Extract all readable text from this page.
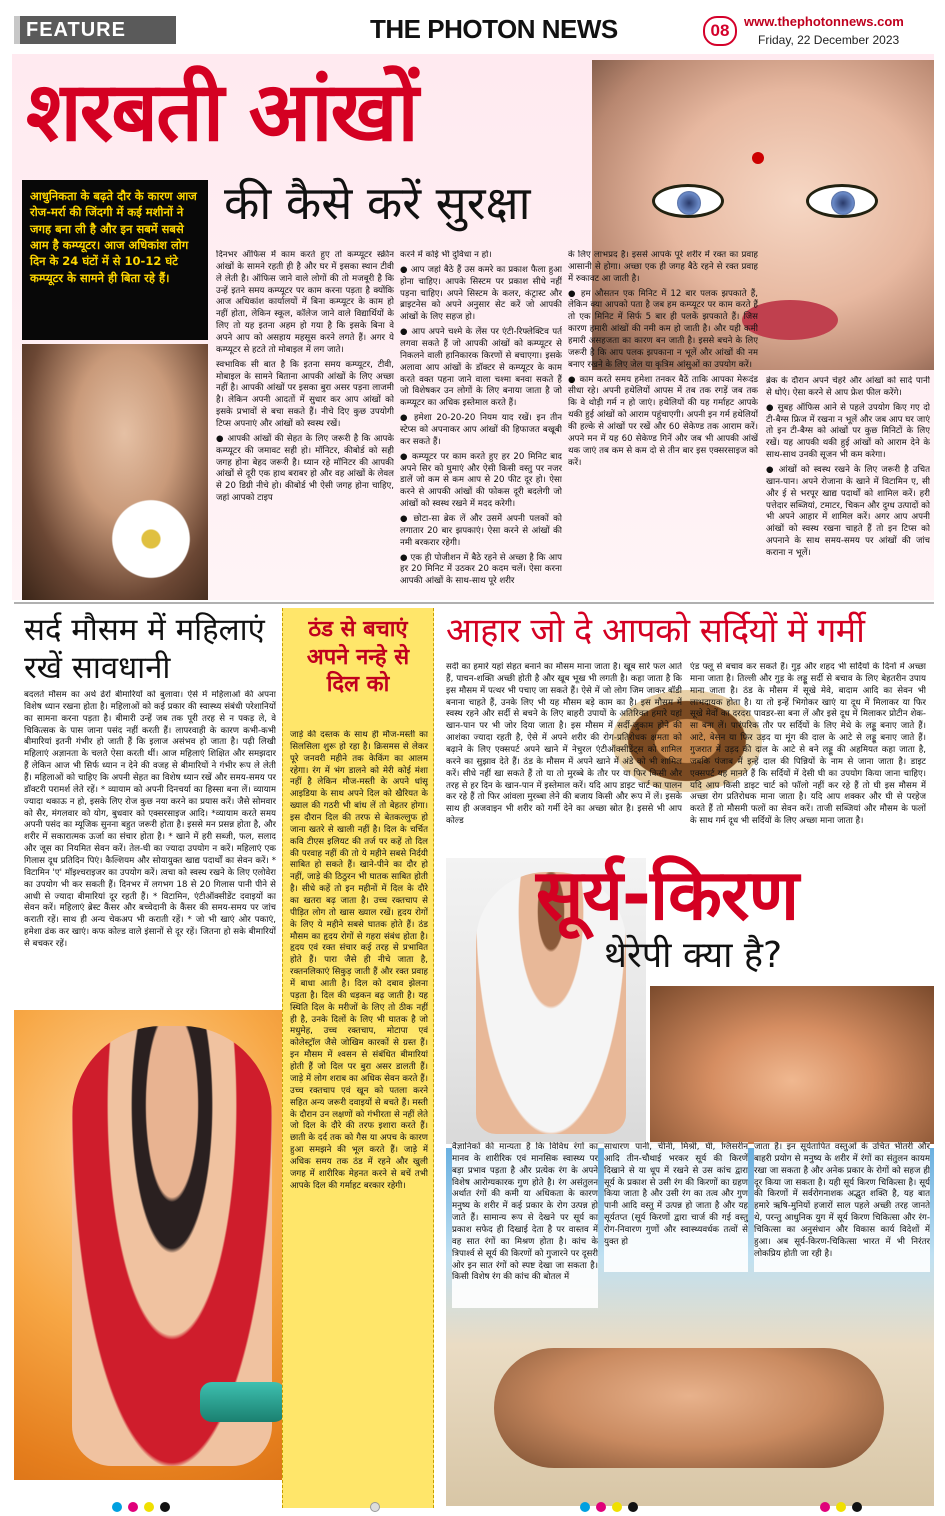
FEATURE	THE PHOTON NEWS	08	www.thephotonnews.com
Friday, 22 December 2023
शरबती आंखों
की कैसे करें सुरक्षा
आधुनिकता के बढ़ते दौर के कारण आज रोज-मर्रा की जिंदगी में कई मशीनों ने जगह बना ली है और इन सबमें सबसे आम है कम्प्यूटर। आज अधिकांश लोग दिन के 24 घंटों में से 10-12 घंटे कम्प्यूटर के सामने ही बिता रहे हैं।

दिनभर ऑफिस में काम करते हुए तो कम्प्यूटर स्क्रीन आंखों के सामने रहती ही है और घर में इसका स्थान टीवी ले लेती है। ऑफिस जाने वाले लोगों की तो मजबूरी है कि उन्हें इतने समय कम्प्यूटर पर काम करना पड़ता है क्योंकि आज अधिकांश कार्यालयों में बिना कम्प्यूटर के काम हो नहीं होता, लेकिन स्कूल, कॉलेज जाने वाले विद्यार्थियों के लिए तो यह इतना अहम हो गया है कि इसके बिना वे अपने आप को असहाय महसूस करने लगते हैं। अगर ये कम्प्यूटर से हटते तो मोबाइल में लग जाते।

स्वभाविक सी बात है कि इतना समय कम्प्यूटर, टीवी, मोबाइल के सामने बिताना आपकी आंखों के लिए अच्छा नहीं है। आपकी आंखों पर इसका बुरा असर पड़ना लाजमी है। लेकिन अपनी आदतों में सुधार कर आप आंखों को इसके प्रभावों से बचा सकते हैं। नीचे दिए कुछ उपयोगी टिप्स अपनाएं और आंखों को स्वस्थ रखें।

● आपकी आंखों की सेहत के लिए जरूरी है कि आपके कम्प्यूटर की जमावट सही हो। मॉनिटर, कीबोर्ड को सही जगह होना बेहद जरूरी है। ध्यान रहे मॉनिटर की आपकी आंखों से दूरी एक हाथ बराबर हो और वह आंखों के लेवल से 20 डिग्री नीचे हो। कीबोर्ड भी ऐसी जगह होना चाहिए, जहां आपको टाइप

करने में कोई भी दुविधा न हो।

● आप जहां बैठे हैं उस कमरे का प्रकाश फैला हुआ होना चाहिए। आपके सिस्टम पर प्रकाश सीधे नहीं पड़ना चाहिए। अपने सिस्टम के कलर, कंट्रास्ट और ब्राइटनेस को अपने अनुसार सेट करें जो आपकी आंखों के लिए सहज हो।

● आप अपने चश्मे के लेंस पर एंटी-रिफ्लेक्टिव पर्त लगवा सकते हैं जो आपकी आंखों को कम्प्यूटर से निकलने वाली हानिकारक किरणों से बचाएगा। इसके अलावा आप आंखों के डॉक्टर से कम्प्यूटर के काम करते वक्त पहना जाने वाला चश्मा बनवा सकते हैं जो विशेषकर उन लोगों के लिए बनाया जाता है जो कम्प्यूटर का अधिक इस्तेमाल करते हैं।

● हमेशा 20-20-20 नियम याद रखें। इन तीन स्टेप्स को अपनाकर आप आंखों की हिफाजत बखूबी कर सकते हैं।

● कम्प्यूटर पर काम करते हुए हर 20 मिनिट बाद अपने सिर को घुमाएं और ऐसी किसी वस्तु पर नजर डालें जो कम से कम आप से 20 फीट दूर हो। ऐसा करने से आपकी आंखों की फोकस दूरी बदलेगी जो आंखों को स्वस्थ रखने में मदद करेगी।

● छोटा-सा ब्रेक लें और उसमें अपनी पलकों को लगातार 20 बार झपकाएं। ऐसा करने से आंखों की नमी बरकरार रहेगी।

● एक ही पोजीशन में बैठे रहने से अच्छा है कि आप हर 20 मिनिट में उठकर 20 कदम चलें। ऐसा करना आपकी आंखों के साथ-साथ पूरे शरीर

के लिए लाभप्रद है। इससे आपके पूरे शरीर में रक्त का प्रवाह आसानी से होगा। अच्छा एक ही जगह बैठे रहने से रक्त प्रवाह में रुकावट आ जाती है।

● हम औसतन एक मिनिट में 12 बार पलक झपकाते हैं, लेकिन क्या आपको पता है जब हम कम्प्यूटर पर काम करते हैं तो एक मिनिट में सिर्फ 5 बार ही पलकें झपकाते हैं। जिस कारण हमारी आंखों की नमी कम हो जाती है। और यही कमी हमारी असहजता का कारण बन जाती है। इससे बचने के लिए जरूरी है कि आप पलक झपकाना न भूलें और आंखों की नम बनाए रखने के लिए जेल या कृत्रिम आंसुओं का उपयोग करें।

● काम करते समय हमेशा तनकर बैठें ताकि आपका मेरूदंड सीधा रहे। अपनी हथेलियों आपस में तब तक रगड़ें जब तक कि वे थोड़ी गर्म न हो जाएं। हथेलियों की यह गर्माहट आपके थकी हुई आंखों को आराम पहुंचाएगी। अपनी इन गर्म हथेलियों की हल्के से आंखों पर रखें और 60 सेकेण्ड तक आराम करें। अपने मन में यह 60 सेकेण्ड गिनें और जब भी आपकी आंखें थक जाएं तब कम से कम दो से तीन बार इस एक्सरसाइज को करें।

ब्रेक के दौरान अपने चेहरे और आंखों को सादे पानी से धोएं। ऐसा करने से आप फ्रेश फील करेंगे।

● सुबह ऑफिस आने से पहले उपयोग किए गए दो टी-बैग्स फ्रिज में रखना न भूलें और जब आप घर जाएं तो इन टी-बैग्स को आंखों पर कुछ मिनिटों के लिए रखें। यह आपकी थकी हुई आंखों को आराम देने के साथ-साथ उनकी सूजन भी कम करेगा।

● आंखों को स्वस्थ रखने के लिए जरूरी है उचित खान-पान। अपने रोजाना के खाने में विटामिन ए, सी और ई से भरपूर खाद्य पदार्थों को शामिल करें। हरी पत्तेदार सब्जियां, टमाटर, चिकन और दुग्ध उत्पादों को भी अपने आहार में शामिल करें। अगर आप अपनी आंखों को स्वस्थ रखना चाहते हैं तो इन टिप्स को अपनाने के साथ समय-समय पर आंखों की जांच कराना न भूलें।

सर्द मौसम में महिलाएं रखें सावधानी
बदलते मौसम का अर्थ ढेरों बीमारियों को बुलावा। ऐसे में महिलाओं की अपना विशेष ध्यान रखना होता है। महिलाओं को कई प्रकार की स्वास्थ्य संबंधी परेशानियों का सामना करना पड़ता है। बीमारी उन्हें जब तक पूरी तरह से न पकड़ ले, वे चिकित्सक के पास जाना पसंद नहीं करती हैं। लापरवाही के कारण कभी-कभी बीमारियां इतनी गंभीर हो जाती हैं कि इलाज असंभव हो जाता है। पढ़ी लिखी महिलाएं अज्ञानता के चलते ऐसा करती थीं। आज महिलाएं शिक्षित और समझदार हैं लेकिन आज भी सिर्फ ध्यान न देने की वजह से बीमारियों ने गंभीर रूप ले लेती हैं। महिलाओं को चाहिए कि अपनी सेहत का विशेष ध्यान रखें और समय-समय पर डॉक्टरी परामर्श लेते रहें। * व्यायाम को अपनी दिनचर्या का हिस्सा बना लें। व्यायाम ज्यादा थकाऊ न हो, इसके लिए रोज कुछ नया करने का प्रयास करें। जैसे सोमवार को सैर, मंगलवार को योग, बुधवार को एक्सरसाइज आदि। *व्यायाम करते समय अपनी पसंद का म्यूजिक सुनना बहुत जरूरी होता है। इससे मन प्रसन्न होता है, और शरीर में सकारात्मक ऊर्जा का संचार होता है। * खाने में हरी सब्जी, फल, सलाद और जूस का नियमित सेवन करें। तेल-घी का ज्यादा उपयोग न करें। महिलाएं एक गिलास दूध प्रतिदिन पिएं। कैल्शियम और सोयायुक्त खाद्य पदार्थों का सेवन करें। * विटामिन 'ए' मॉइश्चराइजर का उपयोग करें। त्वचा को स्वस्थ रखने के लिए एलोवेरा का उपयोग भी कर सकती हैं। दिनभर में लगभग 18 से 20 गिलास पानी पीने से आधी से ज्यादा बीमारियां दूर रहती हैं। * विटामिन, एंटीऑक्सीडेंट दवाइयों का सेवन करें। महिलाएं ब्रेस्ट कैंसर और बच्चेदानी के कैंसर की समय-समय पर जांच कराती रहें। साथ ही अन्य चेकअप भी कराती रहें। * जो भी खाएं ओर पकाएं, हमेशा ढंक कर खाएं। कफ कोल्ड वाले इंसानों से दूर रहें। जितना हो सके बीमारियों से बचकर रहें।
ठंड से बचाएं अपने नन्हे से दिल को
जाड़े की दस्तक के साथ ही मौज-मस्ती का सिलसिला शुरू हो रहा है। क्रिसमस से लेकर पूरे जनवरी महीने तक केकिंग का आलम रहेगा। रंग में भंग डालने को मेरी कोई मंशा नहीं है लेकिन मौज-मस्ती के अपने धांसू आइडिया के साथ अपने दिल को खैरियत के ख्याल की गठरी भी बांध लें तो बेहतर होगा। इस दौरान दिल की तरफ से बेतकल्लुफ हो जाना खतरे से खाली नहीं है। दिल के चर्चित कवि टीएस इलियट की तर्ज पर कहें तो दिल की परवाह नहीं की तो ये महीने सबसे निर्दयी साबित हो सकते हैं। खाने-पीने का दौर हो नहीं, जाड़े की ठिठुरन भी घातक साबित होती है। सीधे कहें तो इन महीनों में दिल के दौरे का खतरा बढ़ जाता है। उच्च रक्तचाप से पीड़ित लोग तो खास ख्याल रखें। हृदय रोगों के लिए ये महीने सबसे घातक होते हैं। ठंड मौसम का हृदय रोगों से गहरा संबंध होता है। हृदय एवं रक्त संचार कई तरह से प्रभावित होते हैं। पारा जैसे ही नीचे जाता है, रक्तनलिकाएं सिकुड़ जाती हैं और रक्त प्रवाह में बाधा आती है। दिल को दबाव झेलना पड़ता है। दिल की धड़कन बढ़ जाती है। यह स्थिति दिल के मरीजों के लिए तो ठीक नहीं ही है, उनके दिलों के लिए भी घातक है जो मधुमेह, उच्च रक्तचाप, मोटापा एवं कोलेस्ट्रॉल जैसे जोखिम कारकों से ग्रस्त हैं। इन मौसम में श्वसन से संबंधित बीमारियां होती हैं जो दिल पर बुरा असर डालती हैं। जाड़े में लोग शराब का अधिक सेवन करते हैं। उच्च रक्तचाप एवं खून को पतला करने सहित अन्य जरूरी दवाइयों से बचते हैं। मस्ती के दौरान उन लक्षणों को गंभीरता से नहीं लेते जो दिल के दौरे की तरफ इशारा करते हैं। छाती के दर्द तक को गैस या अपच के कारण हुआ समझने की भूल करते हैं। जाड़े में अधिक समय तक ठंड में रहने और खुली जगह में शारीरिक मेहनत करने से बचें तभी आपके दिल की गर्माहट बरकार रहेगी।
आहार जो दे आपको सर्दियों में गर्मी
सर्दी का हमारे यहां सेहत बनाने का मौसम माना जाता है। खूब सारे फल आते हैं, पाचन-शक्ति अच्छी होती है और खूब भूख भी लगती है। कहा जाता है कि इस मौसम में पत्थर भी पचाए जा सकते हैं। ऐसे में जो लोग जिम जाकर बॉडी बनाना चाहते हैं, उनके लिए भी यह मौसम बड़े काम का है। इस मौसम में स्वस्थ रहने और सर्दी से बचने के लिए बाहरी उपायों के अतिरिक्त हमारे यहां खान-पान पर भी जोर दिया जाता है। इस मौसम में सर्दी-जुकाम होने की आशंका ज्यादा रहती है, ऐसे में अपने शरीर की रोग-प्रतिरोधक क्षमता को बढ़ाने के लिए एक्सपर्ट अपने खाने में नेचुरल एंटीऑक्सीडेंट्स को शामिल करने का सुझाव देते हैं। ठंड के मौसम में अपने खाने में अंडे को भी शामिल करें। सीधे नहीं खा सकते हैं तो या तो मुरब्बे के तौर पर या फिर किसी और तरह से हर दिन के खान-पान में इस्तेमाल करें। यदि आप डाइट चार्ट का पालन कर रहे हैं तो फिर आंवला मुरब्बा लेने की बजाय किसी और रूप में लें। इसके साथ ही अजवाइन भी शरीर को गर्मी देने का अच्छा स्रोत है। इससे भी आप कोल्ड
एंड फ्लू से बचाव कर सकते हैं। गुड़ और शहद भी सर्दियों के दिनों में अच्छा माना जाता है। तिल्ली और गुड़ के लड्डू सर्दी से बचाव के लिए बेहतरीन उपाय माना जाता है। ठंड के मौसम में सूखे मेवे, बादाम आदि का सेवन भी लाभदायक होता है। या तो इन्हें भिगोकर खाएं या दूध में मिलाकर या फिर सूखे मेवों का दरदरा पावडर-सा बना लें और इसे दूध में मिलाकर प्रोटीन शेक-सा बना लें। पारंपरिक तौर पर सर्दियों के लिए मेथे के लड्डू बनाए जाते हैं। आटे, बेसन या फिर उड़द या मूंग की दाल के आटे से लड्डू बनाए जाते हैं। गुजरात में उड़द की दाल के आटे से बने लड्डू की अहमियत कहा जाता है, जबकि पंजाब में इन्हें दाल की पिन्नियों के नाम से जाना जाता है। डाइट एक्सपर्ट यह मानते हैं कि सर्दियों में देसी घी का उपयोग किया जाना चाहिए। यदि आप किसी डाइट चार्ट को फॉलो नहीं कर रहे हैं तो घी इस मौसम में अच्छा रोग प्रतिरोधक माना जाता है। यदि आप शक्कर और घी से परहेज करते हैं तो मौसमी फलों का सेवन करें। ताजी सब्जियां और मौसम के फलों के साथ गर्म दूध भी सर्दियों के लिए अच्छा माना जाता है।
सूर्य-किरण
थेरेपी क्या है?
वैज्ञानिकों की मान्यता है कि विविध रंगों का मानव के शारीरिक एवं मानसिक स्वास्थ्य पर बड़ा प्रभाव पड़ता है और प्रत्येक रंग के अपने विशेष आरोग्यकारक गुण होते है। रंग असंतुलन अर्थात रंगों की कमी या अधिकता के कारण मनुष्य के शरीर में कई प्रकार के रोग उत्पन्न हो जाते हैं। सामान्य रूप से देखने पर सूर्य का प्रकाश सफेद ही दिखाई देता है पर वास्तव में वह सात रंगों का मिश्रण होता है। कांच के त्रिपार्श्व से सूर्य की किरणों को गुजारने पर दूसरी ओर इन सात रंगों को स्पष्ट देखा जा सकता है। किसी विशेष रंग की कांच की बोतल में
साधारण पानी, चीनी, मिश्री, घी, ग्लिसरीन आदि तीन-चौथाई भरकर सूर्य की किरणें दिखाने से या धूप में रखने से उस कांच द्वारा सूर्य के प्रकाश से उसी रंग की किरणों का ग्रहण किया जाता है और उसी रंग का तत्व और गुण पानी आदि वस्तु में उत्पन्न हो जाता है और यह सूर्यतप्त (सूर्य किरणों द्वारा चार्ज की गई वस्तु रोग-निवारण गुणों और स्वास्थ्यवर्धक तत्वों से युक्त हो
जाता है। इन सूर्यतापित वस्तुओं के उचित भीतरी और बाहरी प्रयोग से मनुष्य के शरीर में रंगों का संतुलन कायम रखा जा सकता है और अनेक प्रकार के रोगों को सहज ही दूर किया जा सकता है। यही सूर्य किरण चिकित्सा है। सूर्य की किरणों में सर्वरोगनाशक अद्भुत शक्ति है, यह बात हमारे ऋषि-मुनियों हजारों साल पहले अच्छी तरह जानते थे, परन्तु आधुनिक युग में सूर्य किरण चिकित्सा और रंग-चिकित्सा का अनुसंधान और विकास कार्य विदेशों में हुआ। अब सूर्य-किरण-चिकित्सा भारत में भी निरंतर लोकप्रिय होती जा रही है।
